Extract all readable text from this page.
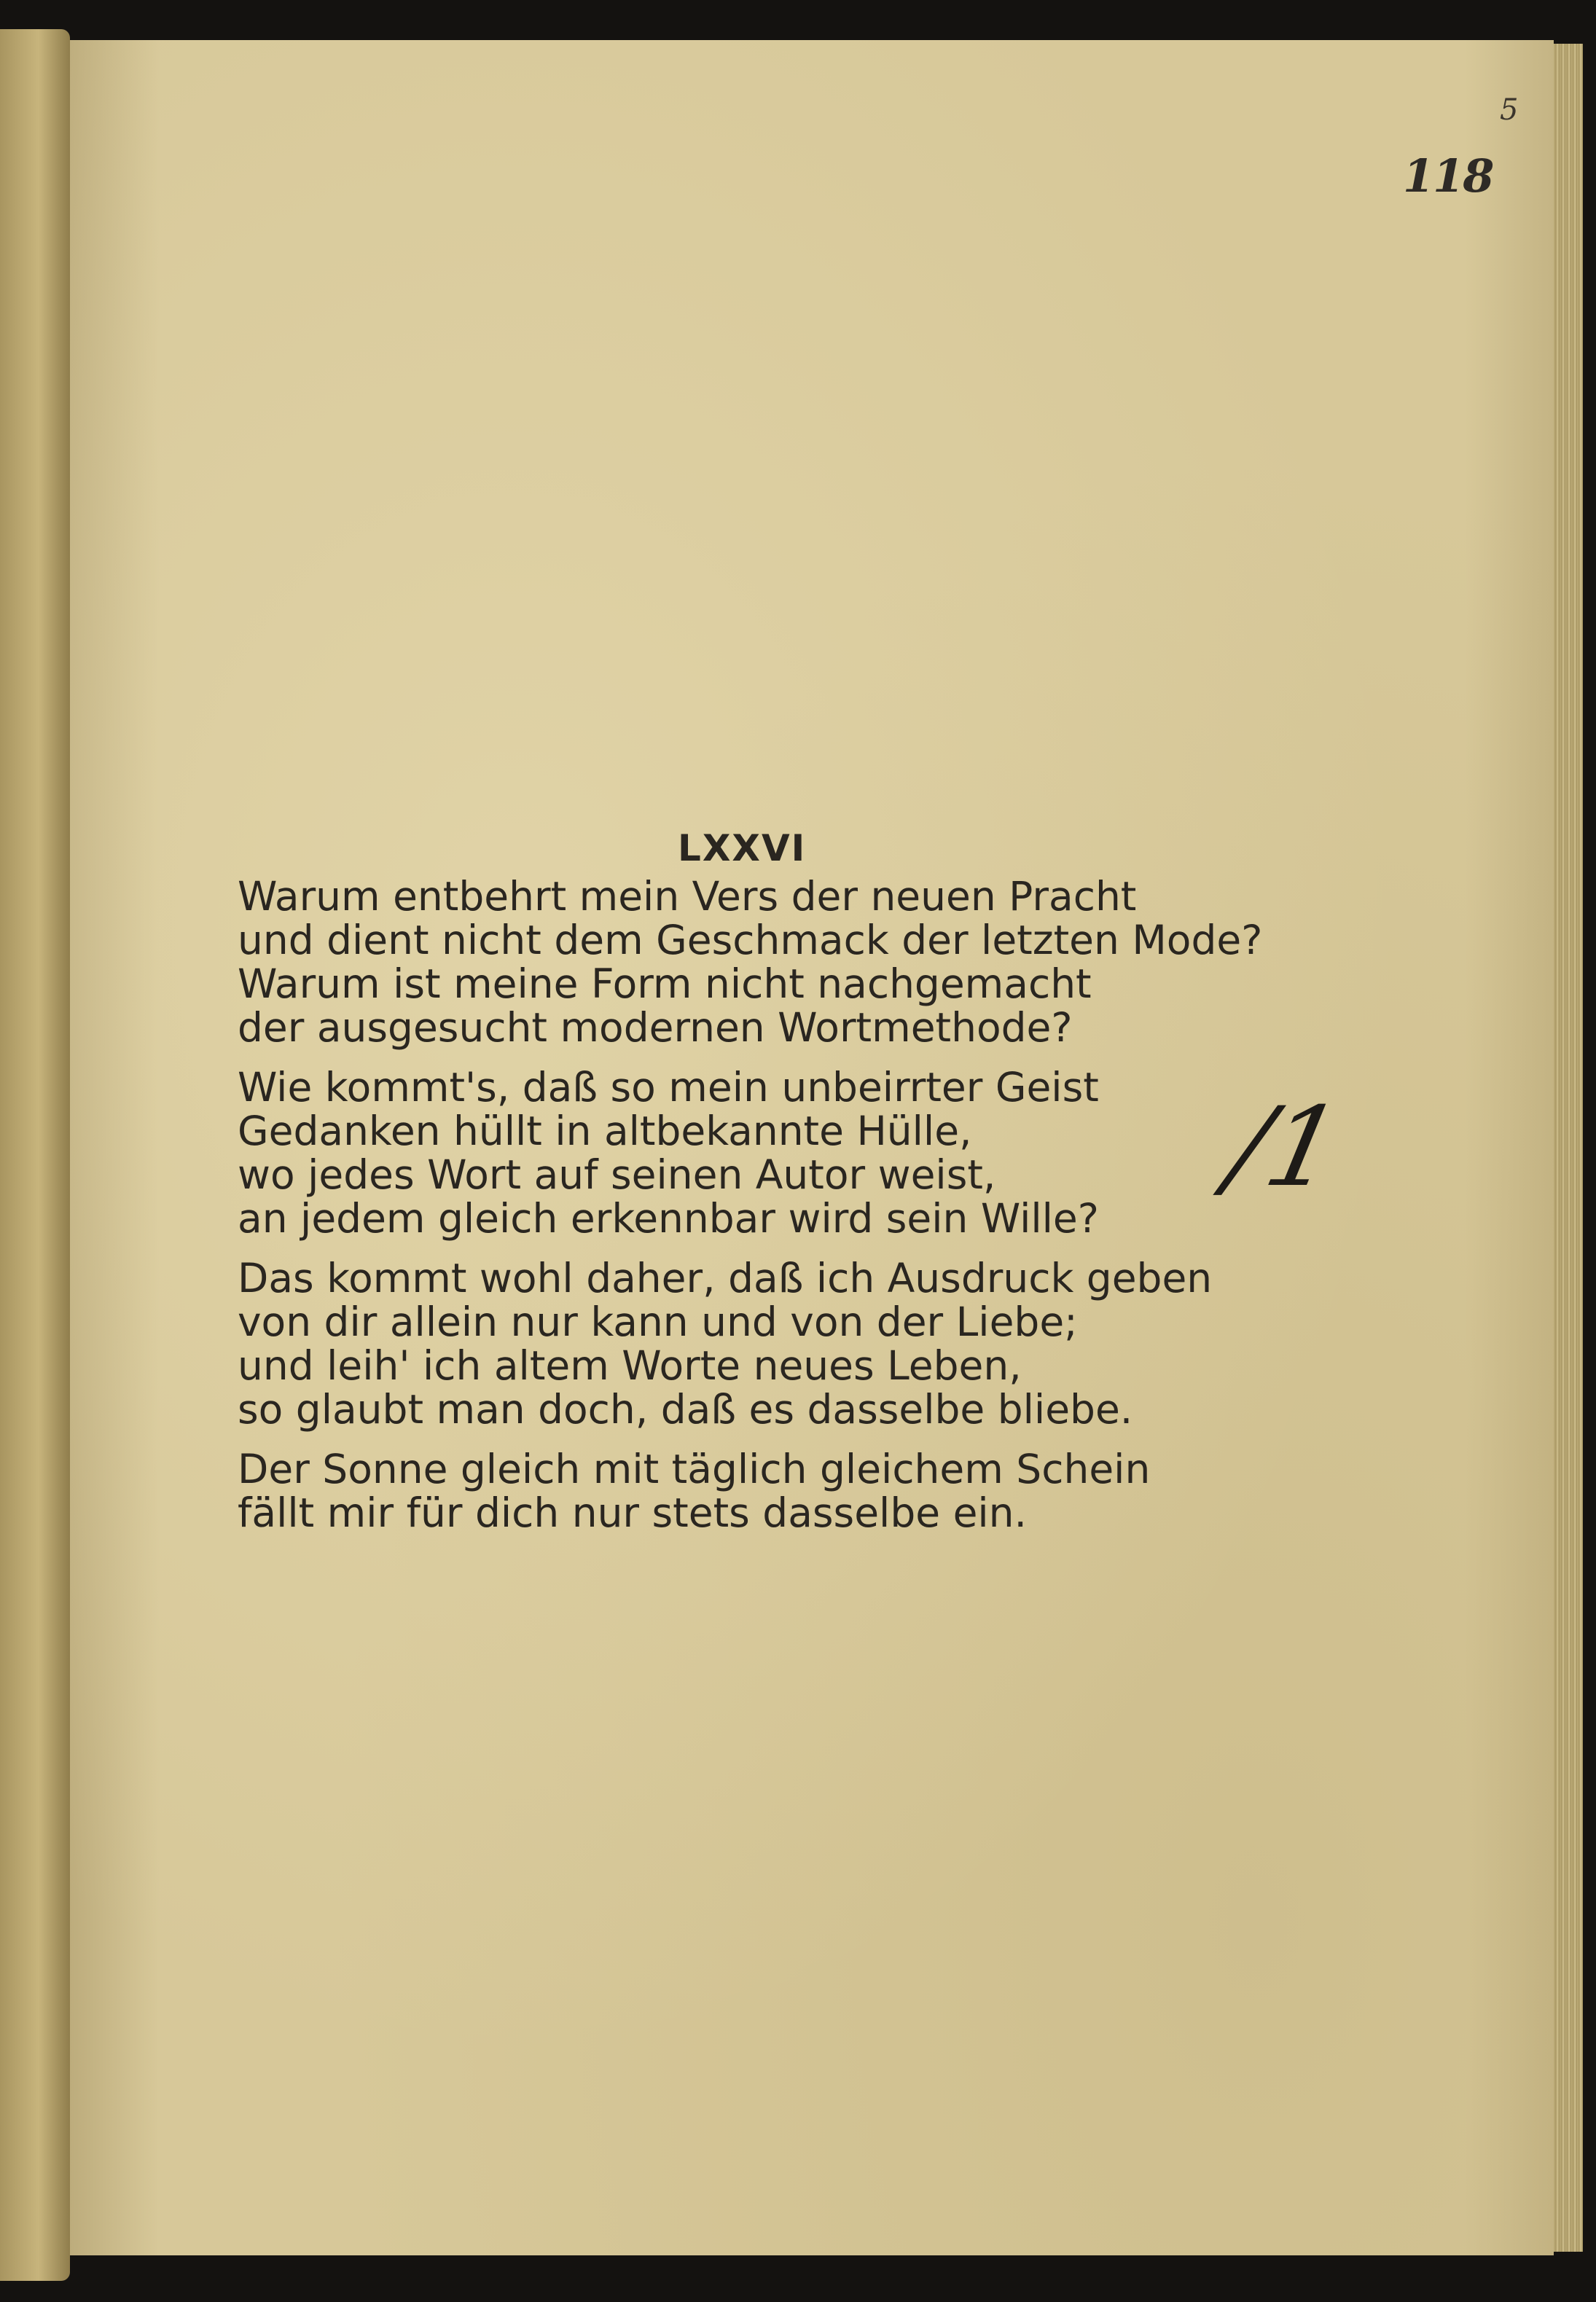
5
118
LXXVI
Warum entbehrt mein Vers der neuen Pracht
und dient nicht dem Geschmack der letzten Mode?
Warum ist meine Form nicht nachgemacht
der ausgesucht modernen Wortmethode?
Wie kommt's, daß so mein unbeirrter Geist
Gedanken hüllt in altbekannte Hülle,
wo jedes Wort auf seinen Autor weist,
an jedem gleich erkennbar wird sein Wille?
Das kommt wohl daher, daß ich Ausdruck geben
von dir allein nur kann und von der Liebe;
und leih' ich altem Worte neues Leben,
so glaubt man doch, daß es dasselbe bliebe.
Der Sonne gleich mit täglich gleichem Schein
fällt mir für dich nur stets dasselbe ein.
/1
